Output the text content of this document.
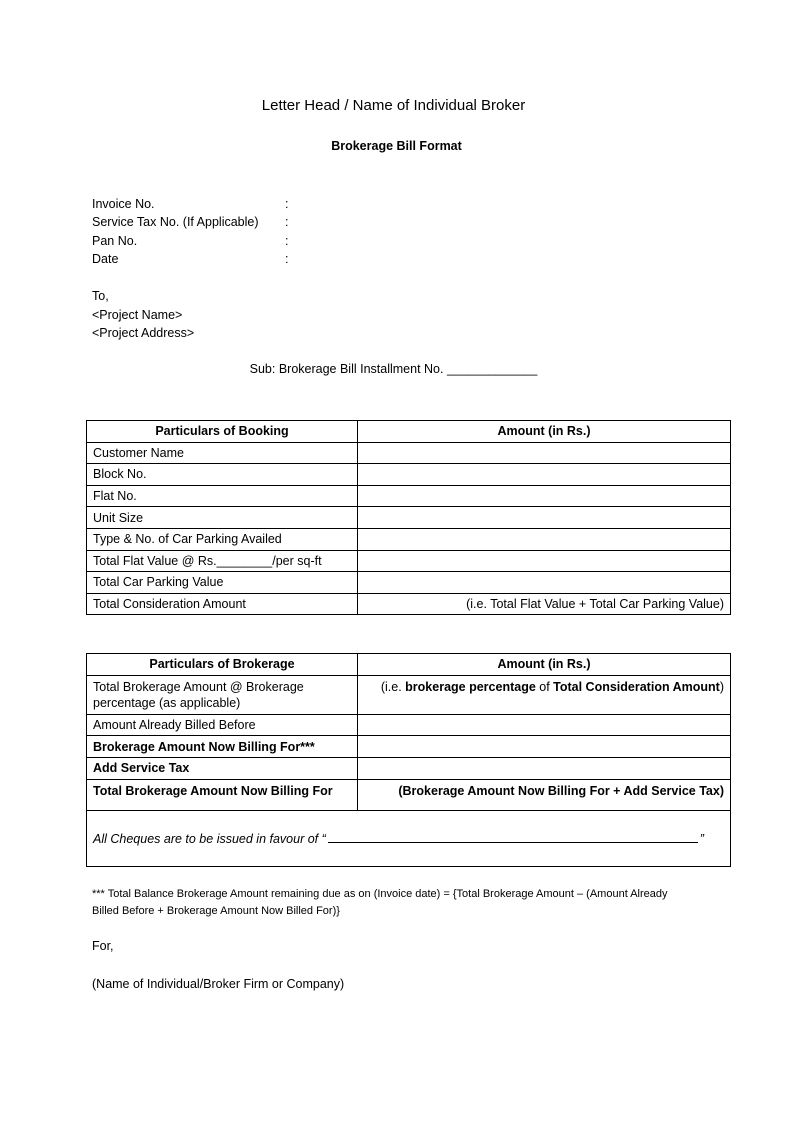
Letter Head / Name of Individual Broker
Brokerage Bill Format
Invoice No.	:
Service Tax No. (If Applicable) :
Pan No.	:
Date	:
To,
<Project Name>
<Project Address>
Sub: Brokerage Bill Installment No. _____________
Particulars of Booking	Amount (in Rs.)
Customer Name	
Block No.	
Flat No.	
Unit Size	
Type & No. of Car Parking Availed	
Total Flat Value @ Rs.________/per sq-ft	
Total Car Parking Value	
Total Consideration Amount	(i.e. Total Flat Value + Total Car Parking Value)
Particulars of Brokerage	Amount (in Rs.)
Total Brokerage Amount @ Brokerage percentage (as applicable)	(i.e. brokerage percentage of Total Consideration Amount)
Amount Already Billed Before	
Brokerage Amount Now Billing For***	
Add Service Tax	
Total Brokerage Amount Now Billing For	(Brokerage Amount Now Billing For + Add Service Tax)
All Cheques are to be issued in favour of “ ”	
*** Total Balance Brokerage Amount remaining due as on (Invoice date) = {Total Brokerage Amount – (Amount Already Billed Before + Brokerage Amount Now Billed For)}
For,
(Name of Individual/Broker Firm or Company)
